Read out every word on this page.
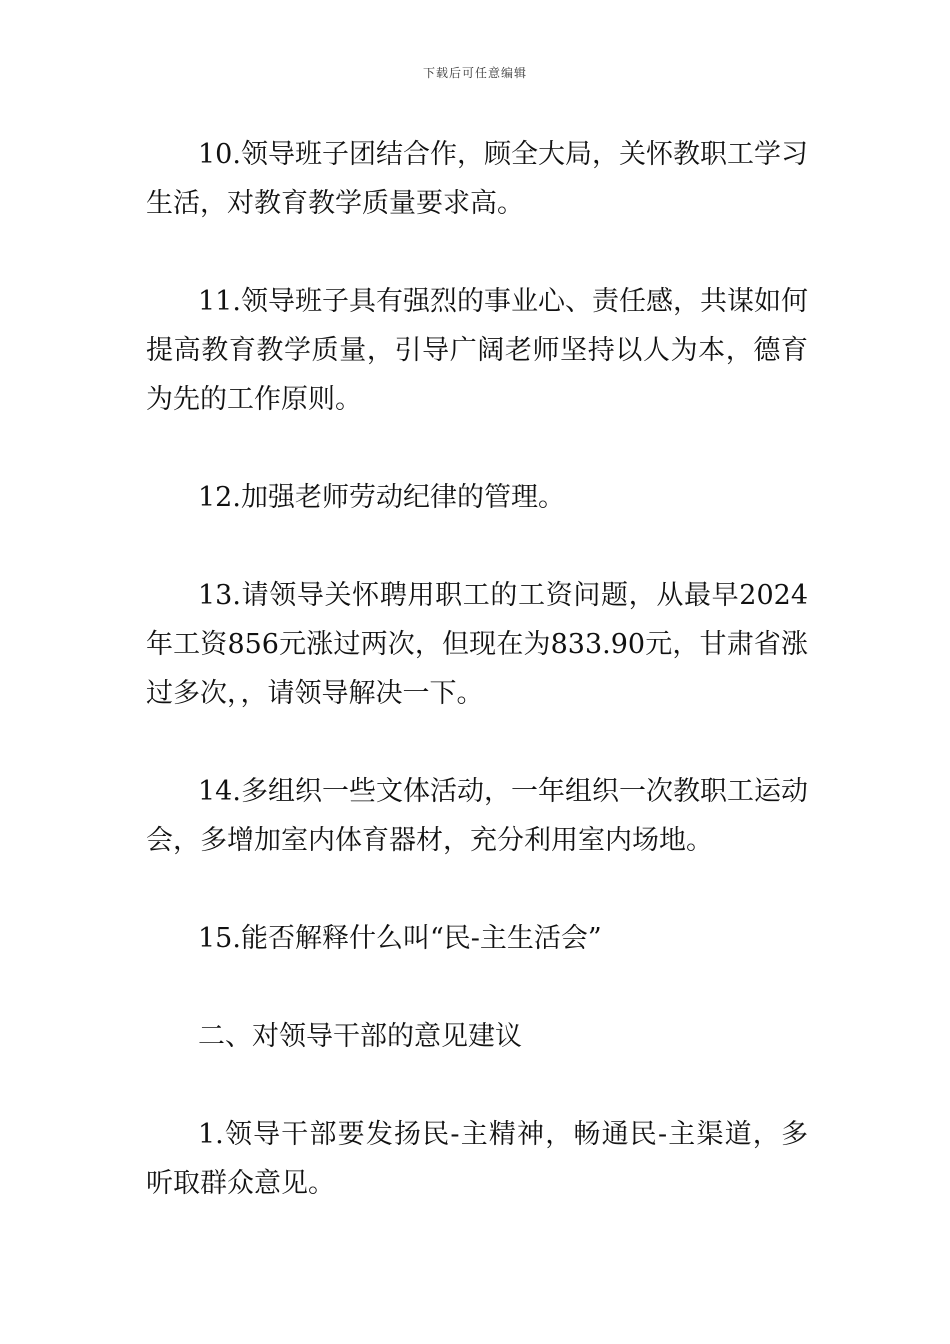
下载后可任意编辑

10.领导班子团结合作，顾全大局，关怀教职工学习生活，对教育教学质量要求高。

11.领导班子具有强烈的事业心、责任感，共谋如何提高教育教学质量，引导广阔老师坚持以人为本，德育为先的工作原则。

12.加强老师劳动纪律的管理。

13.请领导关怀聘用职工的工资问题，从最早2024年工资856元涨过两次，但现在为833.90元，甘肃省涨过多次，，请领导解决一下。

14.多组织一些文体活动，一年组织一次教职工运动会，多增加室内体育器材，充分利用室内场地。

15.能否解释什么叫“民-主生活会”

二、对领导干部的意见建议

1.领导干部要发扬民-主精神，畅通民-主渠道，多听取群众意见。
